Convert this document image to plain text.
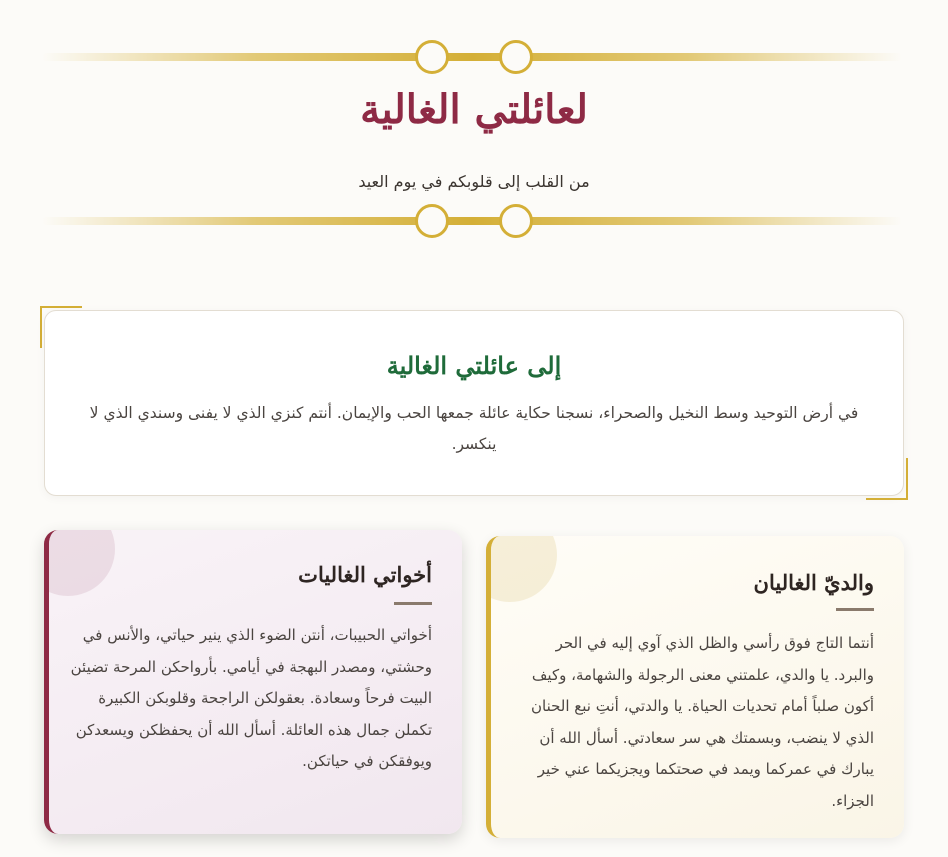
لعائلتي الغالية

من القلب إلى قلوبكم في يوم العيد

إلى عائلتي الغالية

في أرض التوحيد وسط النخيل والصحراء، نسجنا حكاية عائلة جمعها الحب والإيمان. أنتم كنزي الذي لا يفنى وسندي الذي لا ينكسر.

والديّ الغاليان

أنتما التاج فوق رأسي والظل الذي آوي إليه في الحر والبرد. يا والدي، علمتني معنى الرجولة والشهامة، وكيف أكون صلباً أمام تحديات الحياة. يا والدتي، أنتِ نبع الحنان الذي لا ينضب، وبسمتك هي سر سعادتي. أسأل الله أن يبارك في عمركما ويمد في صحتكما ويجزيكما عني خير الجزاء.

أخواتي الغاليات

أخواتي الحبيبات، أنتن الضوء الذي ينير حياتي، والأنس في وحشتي، ومصدر البهجة في أيامي. بأرواحكن المرحة تضيئن البيت فرحاً وسعادة. بعقولكن الراجحة وقلوبكن الكبيرة تكملن جمال هذه العائلة. أسأل الله أن يحفظكن ويسعدكن ويوفقكن في حياتكن.
